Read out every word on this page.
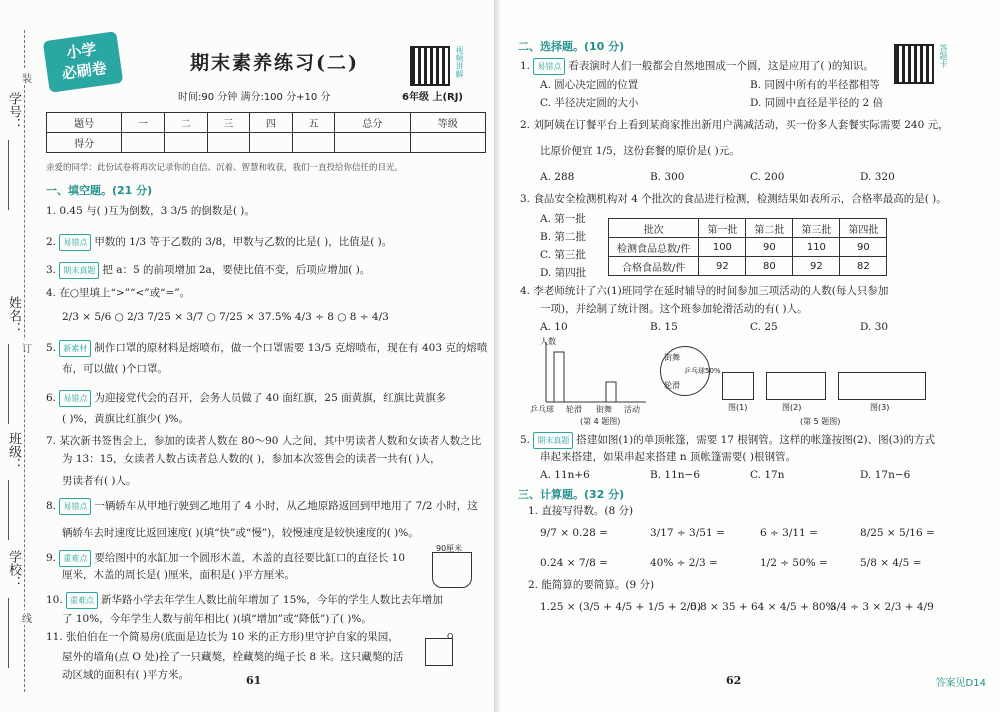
学号：
姓名：
班级：
学校：
装
订
线
小学
必刷卷	期末素养练习(二)
时间:90 分钟 满分:100 分+10 分
视频讲解
6年级 上(RJ)
题号	一	二	三	四	五	总分	等级
得分							
亲爱的同学：此份试卷将再次记录你的自信、沉着、智慧和收获，我们一直投给你信任的目光。
一、填空题。(21 分)
1. 0.45 与( )互为倒数，3 3/5 的倒数是( )。
2. 易错点 甲数的 1/3 等于乙数的 3/8，甲数与乙数的比是( )，比值是( )。
3. 期末真题 把 a：5 的前项增加 2a，要使比值不变，后项应增加( )。
4. 在○里填上“>”“<”或“=”。
2/3 × 5/6 ○ 2/3 7/25 × 3/7 ○ 7/25 × 37.5% 4/3 ÷ 8 ○ 8 ÷ 4/3
5. 新素材 制作口罩的原材料是熔喷布，做一个口罩需要 13/5 克熔喷布，现在有 403 克的熔喷
布，可以做( )个口罩。
6. 易错点 为迎接党代会的召开，会务人员做了 40 面红旗，25 面黄旗，红旗比黄旗多
( )%，黄旗比红旗少( )%。
7. 某次新书签售会上，参加的读者人数在 80～90 人之间，其中男读者人数和女读者人数之比
为 13：15，女读者人数占读者总人数的( )，参加本次签售会的读者一共有( )人，
男读者有( )人。
8. 易错点 一辆轿车从甲地行驶到乙地用了 4 小时，从乙地原路返回到甲地用了 7/2 小时，这
辆轿车去时速度比返回速度( )(填“快”或“慢”)，较慢速度是较快速度的( )%。
9. 重难点 要给图中的水缸加一个圆形木盖，木盖的直径要比缸口的直径长 10
厘米，木盖的周长是( )厘米，面积是( )平方厘米。
10. 重难点 新华路小学去年学生人数比前年增加了 15%，今年的学生人数比去年增加
了 10%，今年学生人数与前年相比( )(填“增加”或“降低”)了( )%。
11. 张伯伯在一个简易房(底面是边长为 10 米的正方形)里守护自家的果园，
屋外的墙角(点 O 处)拴了一只藏獒，栓藏獒的绳子长 8 米。这只藏獒的活
动区域的面积有( )平方米。
90厘米
O
61
二、选择题。(10 分)	答题卡
1. 易错点 看表演时人们一般都会自然地围成一个圆，这是应用了( )的知识。
A. 圆心决定圆的位置	B. 同圆中所有的半径都相等
C. 半径决定圆的大小	D. 同圆中直径是半径的 2 倍
2. 刘阿姨在订餐平台上看到某商家推出新用户满减活动，买一份多人套餐实际需要 240 元，
比原价便宜 1/5，这份套餐的原价是( )元。
A. 288	B. 300	C. 200	D. 320
3. 食品安全检测机构对 4 个批次的食品进行检测，检测结果如表所示，合格率最高的是( )。
A. 第一批
B. 第二批
C. 第三批
D. 第四批
批次	第一批	第二批	第三批	第四批
检测食品总数/件	100	90	110	90
合格食品数/件	92	80	92	82
4. 李老师统计了六(1)班同学在延时辅导的时间参加三项活动的人数(每人只参加
一项)，并绘制了统计图。这个班参加轮滑活动的有( )人。
A. 10	B. 15	C. 25	D. 30
人数
乒乓球 轮滑 街舞 活动
街舞
乒乓球50%
轮滑
(第 4 题图)
图(1)	图(2)	图(3)
(第 5 题图)
5. 期末真题 搭建如图(1)的单顶帐篷，需要 17 根钢管。这样的帐篷按图(2)、图(3)的方式
串起来搭建，如果串起来搭建 n 顶帐篷需要( )根钢管。
A. 11n+6	B. 11n−6	C. 17n	D. 17n−6
三、计算题。(32 分)
1. 直接写得数。(8 分)
9/7 × 0.28 =	3/17 ÷ 3/51 =	6 ÷ 3/11 =	8/25 × 5/16 =
0.24 × 7/8 =	40% ÷ 2/3 =	1/2 ÷ 50% =	5/8 × 4/5 =
2. 能简算的要简算。(9 分)
1.25 × (3/5 + 4/5 + 1/5 + 2/5)
0.8 × 35 + 64 × 4/5 + 80%
3/4 ÷ 3 × 2/3 + 4/9
62	答案见D14
